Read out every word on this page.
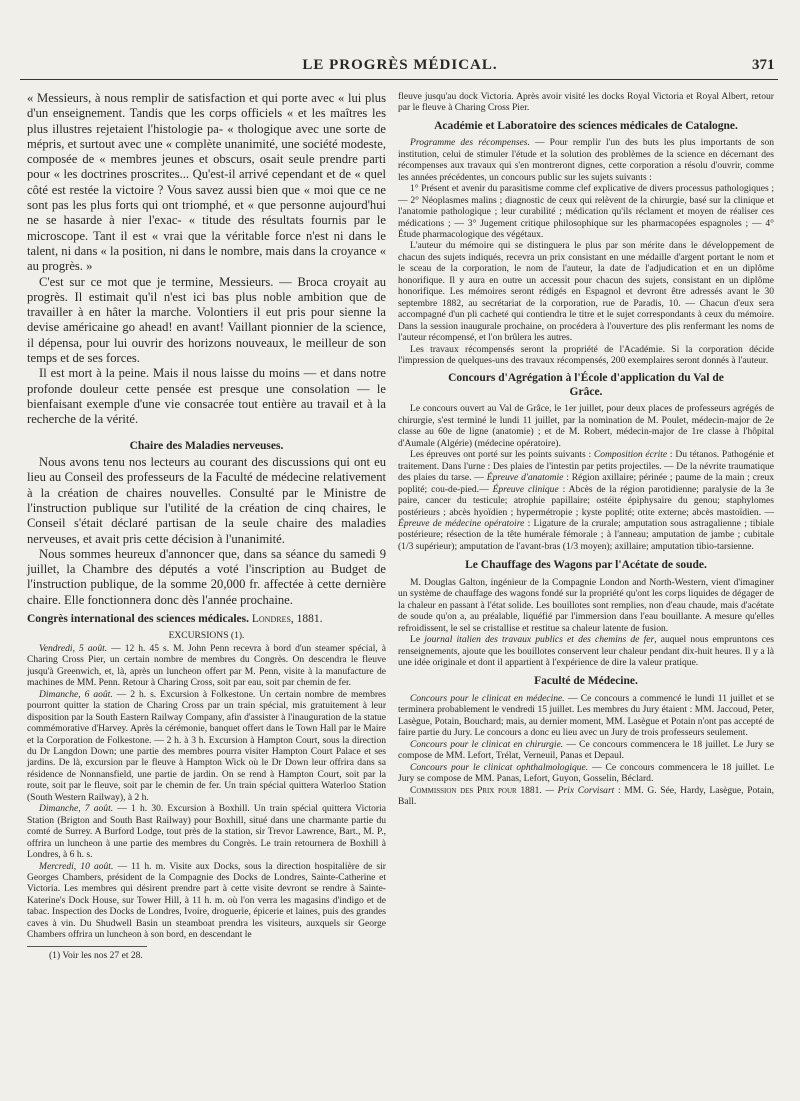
LE PROGRÈS MÉDICAL.	371

« Messieurs, à nous remplir de satisfaction et qui porte avec « lui plus d'un enseignement. Tandis que les corps officiels « et les maîtres les plus illustres rejetaient l'histologie pa- « thologique avec une sorte de mépris, et surtout avec une « complète unanimité, une société modeste, composée de « membres jeunes et obscurs, osait seule prendre parti pour « les doctrines proscrites... Qu'est-il arrivé cependant et de « quel côté est restée la victoire ? Vous savez aussi bien que « moi que ce ne sont pas les plus forts qui ont triomphé, et « que personne aujourd'hui ne se hasarde à nier l'exac- « titude des résultats fournis par le microscope. Tant il est « vrai que la véritable force n'est ni dans le talent, ni dans « la position, ni dans le nombre, mais dans la croyance « au progrès. »

C'est sur ce mot que je termine, Messieurs. — Broca croyait au progrès. Il estimait qu'il n'est ici bas plus noble ambition que de travailler à en hâter la marche. Volontiers il eut pris pour sienne la devise américaine go ahead! en avant! Vaillant pionnier de la science, il dépensa, pour lui ouvrir des horizons nouveaux, le meilleur de son temps et de ses forces.

Il est mort à la peine. Mais il nous laisse du moins — et dans notre profonde douleur cette pensée est presque une consolation — le bienfaisant exemple d'une vie consacrée tout entière au travail et à la recherche de la vérité.

Chaire des Maladies nerveuses.

Nous avons tenu nos lecteurs au courant des discussions qui ont eu lieu au Conseil des professeurs de la Faculté de médecine relativement à la création de chaires nouvelles. Consulté par le Ministre de l'instruction publique sur l'utilité de la création de cinq chaires, le Conseil s'était déclaré partisan de la seule chaire des maladies nerveuses, et avait pris cette décision à l'unanimité.

Nous sommes heureux d'annoncer que, dans sa séance du samedi 9 juillet, la Chambre des députés a voté l'inscription au Budget de l'instruction publique, de la somme 20,000 fr. affectée à cette dernière chaire. Elle fonctionnera donc dès l'année prochaine.

Congrès international des sciences médicales. Londres, 1881.

EXCURSIONS (1).

Vendredi, 5 août. — 12 h. 45 s. M. John Penn recevra à bord d'un steamer spécial, à Charing Cross Pier, un certain nombre de membres du Congrès. On descendra le fleuve jusqu'à Greenwich, et, là, après un luncheon offert par M. Penn, visite à la manufacture de machines de MM. Penn. Retour à Charing Cross, soit par eau, soit par chemin de fer.

Dimanche, 6 août. — 2 h. s. Excursion à Folkestone. Un certain nombre de membres pourront quitter la station de Charing Cross par un train spécial, mis gratuitement à leur disposition par la South Eastern Railway Company, afin d'assister à l'inauguration de la statue commémorative d'Harvey. Après la cérémonie, banquet offert dans le Town Hall par le Maire et la Corporation de Folkestone. — 2 h. à 3 h. Excursion à Hampton Court, sous la direction du Dr Langdon Down; une partie des membres pourra visiter Hampton Court Palace et ses jardins. De là, excursion par le fleuve à Hampton Wick où le Dr Down leur offrira dans sa résidence de Nonnansfield, une partie de jardin. On se rend à Hampton Court, soit par la route, soit par le fleuve, soit par le chemin de fer. Un train spécial quittera Waterloo Station (South Western Railway), à 2 h.

Dimanche, 7 août. — 1 h. 30. Excursion à Boxhill. Un train spécial quittera Victoria Station (Brigton and South Bast Railway) pour Boxhill, situé dans une charmante partie du comté de Surrey. A Burford Lodge, tout près de la station, sir Trevor Lawrence, Bart., M. P., offrira un luncheon à une partie des membres du Congrès. Le train retournera de Boxhill à Londres, à 6 h. s.

Mercredi, 10 août. — 11 h. m. Visite aux Docks, sous la direction hospitalière de sir Georges Chambers, président de la Compagnie des Docks de Londres, Sainte-Catherine et Victoria. Les membres qui désirent prendre part à cette visite devront se rendre à Sainte-Katerine's Dock House, sur Tower Hill, à 11 h. m. où l'on verra les magasins d'indigo et de tabac. Inspection des Docks de Londres, Ivoire, droguerie, épicerie et laines, puis des grandes caves à vin. Du Shudwell Basin un steamboat prendra les visiteurs, auxquels sir George Chambers offrira un luncheon à son bord, en descendant le

(1) Voir les nos 27 et 28.

fleuve jusqu'au dock Victoria. Après avoir visité les docks Royal Victoria et Royal Albert, retour par le fleuve à Charing Cross Pier.

Académie et Laboratoire des sciences médicales de Catalogne.

Programme des récompenses. — Pour remplir l'un des buts les plus importants de son institution, celui de stimuler l'étude et la solution des problèmes de la science en décernant des récompenses aux travaux qui s'en montreront dignes, cette corporation a résolu d'ouvrir, comme les années précédentes, un concours public sur les sujets suivants :

1° Présent et avenir du parasitisme comme clef explicative de divers processus pathologiques ; — 2° Néoplasmes malins ; diagnostic de ceux qui relèvent de la chirurgie, basé sur la clinique et l'anatomie pathologique ; leur curabilité ; médication qu'ils réclament et moyen de réaliser ces médications ; — 3° Jugement critique philosophique sur les pharmacopées espagnoles ; — 4° Étude pharmacologique des végétaux.

L'auteur du mémoire qui se distinguera le plus par son mérite dans le développement de chacun des sujets indiqués, recevra un prix consistant en une médaille d'argent portant le nom et le sceau de la corporation, le nom de l'auteur, la date de l'adjudication et en un diplôme honorifique. Il y aura en outre un accessit pour chacun des sujets, consistant en un diplôme honorifique. Les mémoires seront rédigés en Espagnol et devront être adressés avant le 30 septembre 1882, au secrétariat de la corporation, rue de Paradis, 10. — Chacun d'eux sera accompagné d'un pli cacheté qui contiendra le titre et le sujet correspondants à ceux du mémoire. Dans la session inaugurale prochaine, on procédera à l'ouverture des plis renfermant les noms de l'auteur récompensé, et l'on brûlera les autres.

Les travaux récompensés seront la propriété de l'Académie. Si la corporation décide l'impression de quelques-uns des travaux récompensés, 200 exemplaires seront donnés à l'auteur.

Concours d'Agrégation à l'École d'application du Val de Grâce.

Le concours ouvert au Val de Grâce, le 1er juillet, pour deux places de professeurs agrégés de chirurgie, s'est terminé le lundi 11 juillet, par la nomination de M. Poulet, médecin-major de 2e classe au 60e de ligne (anatomie) ; et de M. Robert, médecin-major de 1re classe à l'hôpital d'Aumale (Algérie) (médecine opératoire).

Les épreuves ont porté sur les points suivants : Composition écrite : Du tétanos. Pathogénie et traitement. Dans l'urne : Des plaies de l'intestin par petits projectiles. — De la névrite traumatique des plaies du tarse. — Épreuve d'anatomie : Région axillaire; périnée ; paume de la main ; creux poplité; cou-de-pied.— Épreuve clinique : Abcès de la région parotidienne; paralysie de la 3e paire, cancer du testicule; atrophie papillaire; ostéite épiphysaire du genou; staphylomes postérieurs ; abcès hyoïdien ; hypermétropie ; kyste poplité; otite externe; abcès mastoïdien. — Épreuve de médecine opératoire : Ligature de la crurale; amputation sous astragalienne ; tibiale postérieure; résection de la tête humérale fémorale ; à l'anneau; amputation de jambe ; cubitale (1/3 supérieur); amputation de l'avant-bras (1/3 moyen); axillaire; amputation tibio-tarsienne.

Le Chauffage des Wagons par l'Acétate de soude.

M. Douglas Galton, ingénieur de la Compagnie London and North-Western, vient d'imaginer un système de chauffage des wagons fondé sur la propriété qu'ont les corps liquides de dégager de la chaleur en passant à l'état solide. Les bouillotes sont remplies, non d'eau chaude, mais d'acétate de soude qu'on a, au préalable, liquéfié par l'immersion dans l'eau bouillante. A mesure qu'elles refroidissent, le sel se cristallise et restitue sa chaleur latente de fusion.

Le journal italien des travaux publics et des chemins de fer, auquel nous empruntons ces renseignements, ajoute que les bouillotes conservent leur chaleur pendant dix-huit heures. Il y a là une idée originale et dont il appartient à l'expérience de dire la valeur pratique.

Faculté de Médecine.

Concours pour le clinicat en médecine. — Ce concours a commencé le lundi 11 juillet et se terminera probablement le vendredi 15 juillet. Les membres du Jury étaient : MM. Jaccoud, Peter, Lasègue, Potain, Bouchard; mais, au dernier moment, MM. Lasègue et Potain n'ont pas accepté de faire partie du Jury. Le concours a donc eu lieu avec un Jury de trois professeurs seulement.

Concours pour le clinicat en chirurgie. — Ce concours commencera le 18 juillet. Le Jury se compose de MM. Lefort, Trélat, Verneuil, Panas et Depaul.

Concours pour le clinicat ophthalmologique. — Ce concours commencera le 18 juillet. Le Jury se compose de MM. Panas, Lefort, Guyon, Gosselin, Béclard.

Commission des Prix pour 1881. — Prix Corvisart : MM. G. Sée, Hardy, Lasègue, Potain, Ball.
